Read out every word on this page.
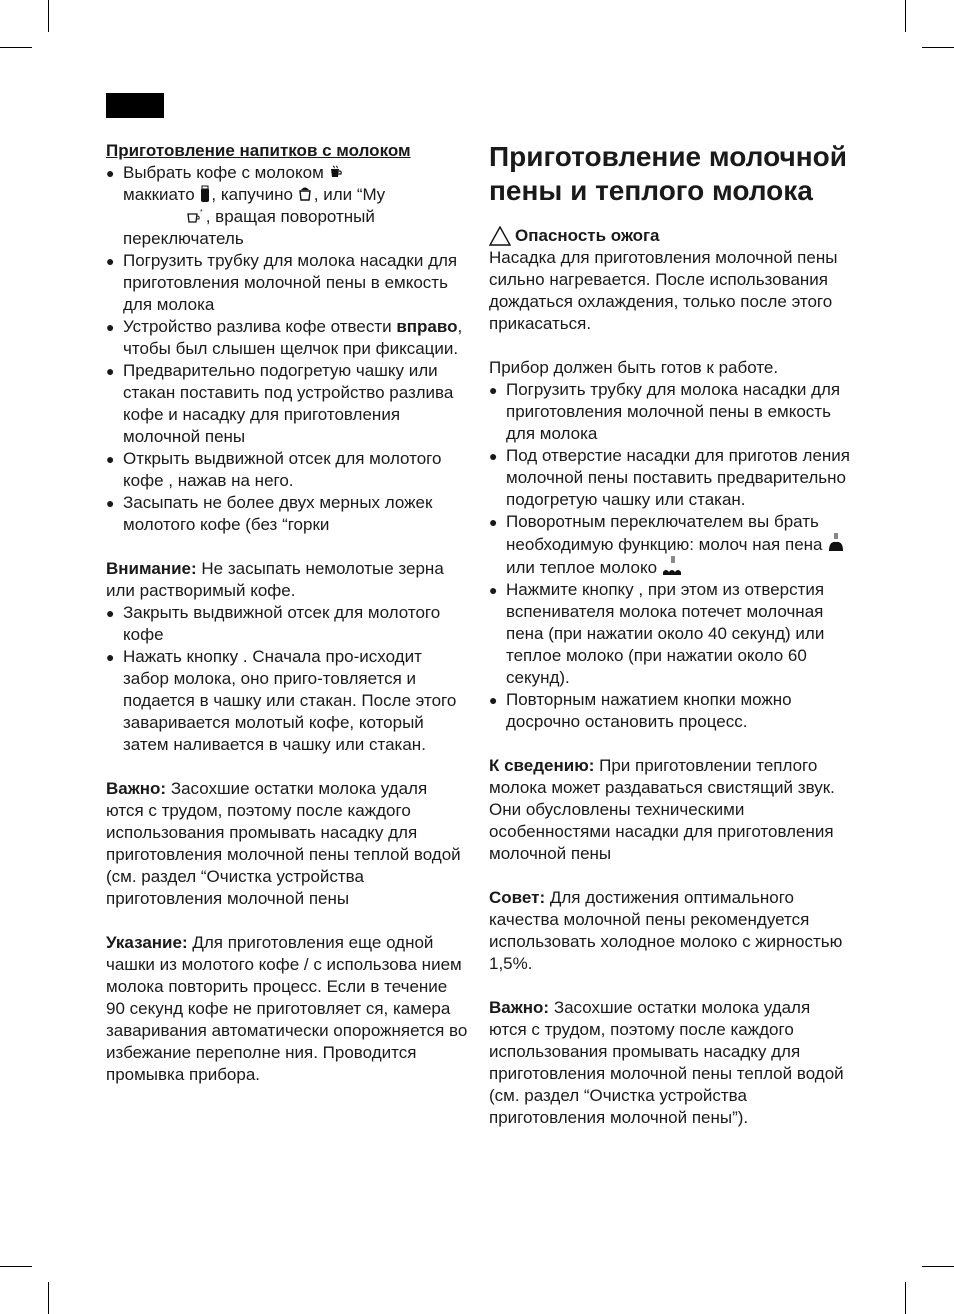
Приготовление напитков с молоком

● Выбрать кофе с молоком
маккиато , капучино , или “My

* , вращая поворотный
переключатель
● Погрузить трубку для молока насадки для приготовления молочной пены в емкость для молока
● Устройство разлива кофе отвести вправо, чтобы был слышен щелчок при фиксации.
● Предварительно подогретую чашку или стакан поставить под устройство разлива кофе и насадку для приготовления молочной пены
● Открыть выдвижной отсек для молотого кофе , нажав на него.
● Засыпать не более двух мерных ложек молотого кофе (без “горки

Внимание: Не засыпать немолотые зерна или растворимый кофе.

● Закрыть выдвижной отсек для молотого кофе
● Нажать кнопку . Сначала про-исходит забор молока, оно приго-товляется и подается в чашку или стакан. После этого заваривается молотый кофе, который затем наливается в чашку или стакан.

Важно: Засохшие остатки молока удаля ются с трудом, поэтому после каждого использования промывать насадку для приготовления молочной пены теплой водой (см. раздел “Очистка устройства приготовления молочной пены

Указание: Для приготовления еще одной чашки из молотого кофе / с использова нием молока повторить процесс. Если в течение 90 секунд кофе не приготовляет ся, камера заваривания автоматически опорожняется во избежание переполне ния. Проводится промывка прибора.

Приготовление молочной пены и теплого молока

Опасность ожога

Насадка для приготовления молочной пены сильно нагревается. После использования дождаться охлаждения, только после этого прикасаться.

Прибор должен быть готов к работе.

● Погрузить трубку для молока насадки для приготовления молочной пены в емкость для молока
● Под отверстие насадки для приготов ления молочной пены поставить предварительно подогретую чашку или стакан.
● Поворотным переключателем вы брать необходимую функцию: молоч ная пена  или теплое молоко
● Нажмите кнопку , при этом из отверстия вспенивателя молока потечет молочная пена (при нажатии около 40 секунд) или теплое молоко (при нажатии около 60 секунд).
● Повторным нажатием кнопки можно досрочно остановить процесс.

К сведению: При приготовлении теплого молока может раздаваться свистящий звук. Они обусловлены техническими особенностями насадки для приготовления молочной пены

Совет: Для достижения оптимального качества молочной пены рекомендуется использовать холодное молоко с жирностью 1,5%.

Важно: Засохшие остатки молока удаля ются с трудом, поэтому после каждого использования промывать насадку для приготовления молочной пены теплой водой (см. раздел “Очистка устройства приготовления молочной пены”).
